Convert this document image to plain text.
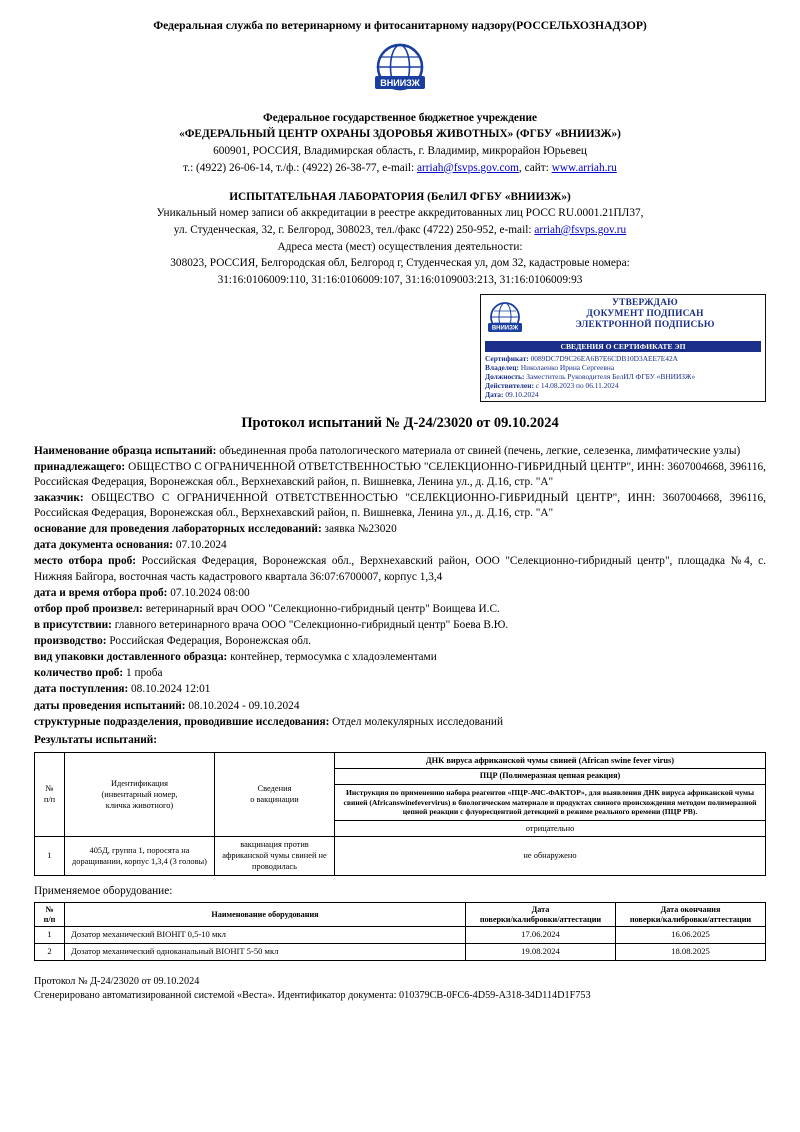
Федеральная служба по ветеринарному и фитосанитарному надзору(РОССЕЛЬХОЗНАДЗОР)
ВНИИЗЖ
Федеральное государственное бюджетное учреждение
«ФЕДЕРАЛЬНЫЙ ЦЕНТР ОХРАНЫ ЗДОРОВЬЯ ЖИВОТНЫХ» (ФГБУ «ВНИИЗЖ»)
600901, РОССИЯ, Владимирская область, г. Владимир, микрорайон Юрьевец
т.: (4922) 26-06-14, т./ф.: (4922) 26-38-77, e-mail: arriah@fsvps.gov.com, сайт: www.arriah.ru
ИСПЫТАТЕЛЬНАЯ ЛАБОРАТОРИЯ (БелИЛ ФГБУ «ВНИИЗЖ»)
Уникальный номер записи об аккредитации в реестре аккредитованных лиц РОСС RU.0001.21ПЛ37,
ул. Студенческая, 32, г. Белгород, 308023, тел./факс (4722) 250-952, e-mail: arriah@fsvps.gov.ru
Адреса места (мест) осуществления деятельности:
308023, РОССИЯ, Белгородская обл, Белгород г, Студенческая ул, дом 32, кадастровые номера:
31:16:0106009:110, 31:16:0106009:107, 31:16:0109003:213, 31:16:0106009:93
ВНИИЗЖ
УТВЕРЖДАЮ
ДОКУМЕНТ ПОДПИСАН
ЭЛЕКТРОННОЙ ПОДПИСЬЮ
СВЕДЕНИЯ О СЕРТИФИКАТЕ ЭП
Сертификат: 0089DC7D9C26EA6B7E6CDB10D3AEE7E42A
Владелец: Николаенко Ирина Сергеевна
Должность: Заместитель Руководителя БелИЛ ФГБУ «ВНИИЗЖ»
Действителен: с 14.08.2023 по 06.11.2024
Дата: 09.10.2024
Протокол испытаний № Д-24/23020 от 09.10.2024

Наименование образца испытаний: объединенная проба патологического материала от свиней (печень, легкие, селезенка, лимфатические узлы)

принадлежащего: ОБЩЕСТВО С ОГРАНИЧЕННОЙ ОТВЕТСТВЕННОСТЬЮ "СЕЛЕКЦИОННО-ГИБРИДНЫЙ ЦЕНТР", ИНН: 3607004668, 396116, Российская Федерация, Воронежская обл., Верхнехавский район, п. Вишневка, Ленина ул., д. Д.16, стр. "А"

заказчик: ОБЩЕСТВО С ОГРАНИЧЕННОЙ ОТВЕТСТВЕННОСТЬЮ "СЕЛЕКЦИОННО-ГИБРИДНЫЙ ЦЕНТР", ИНН: 3607004668, 396116, Российская Федерация, Воронежская обл., Верхнехавский район, п. Вишневка, Ленина ул., д. Д.16, стр. "А"

основание для проведения лабораторных исследований: заявка №23020

дата документа основания: 07.10.2024

место отбора проб: Российская Федерация, Воронежская обл., Верхнехавский район, ООО "Селекционно-гибридный центр", площадка №4, с. Нижняя Байгора, восточная часть кадастрового квартала 36:07:6700007, корпус 1,3,4

дата и время отбора проб: 07.10.2024 08:00

отбор проб произвел: ветеринарный врач ООО "Селекционно-гибридный центр" Воищева И.С.

в присутствии: главного ветеринарного врача ООО "Селекционно-гибридный центр" Боева В.Ю.

производство: Российская Федерация, Воронежская обл.

вид упаковки доставленного образца: контейнер, термосумка с хладоэлементами

количество проб: 1 проба

дата поступления: 08.10.2024 12:01

даты проведения испытаний: 08.10.2024 - 09.10.2024

структурные подразделения, проводившие исследования: Отдел молекулярных исследований

Результаты испытаний:
№
п/п

Идентификация
(инвентарный номер,
кличка животного)

Сведения
о вакцинации
	ДНК вируса африканской чумы свиней (African swine fever virus)
			ПЦР (Полимеразная цепная реакция)
			Инструкция по применению набора реагентов «ПЦР-АЧС-ФАКТОР», для выявления ДНК вируса африканской чумы свиней (Africanswinefevervirus) в биологическом материале и продуктах свиного происхождения методом полимеразной цепной реакции с флуоресцентной детекцией в режиме реального времени (ПЦР РВ).
			отрицательно
1	405Д, группа 1, поросята на доращивании, корпус 1,3,4 (3 головы)	вакцинация против африканской чумы свиней не проводилась	не обнаружено
Применяемое оборудование:
№
п/п
	Наименование оборудования	
Дата
поверки/калибровки/аттестации

Дата окончания
поверки/калибровки/аттестации

1	Дозатор механический BIOHIT 0,5-10 мкл	17.06.2024	16.06.2025
2	Дозатор механический одноканальный BIOHIT 5-50 мкл	19.08.2024	18.08.2025
Протокол № Д-24/23020 от 09.10.2024
Сгенерировано автоматизированной системой «Веста». Идентификатор документа: 010379CB-0FC6-4D59-A318-34D114D1F753
